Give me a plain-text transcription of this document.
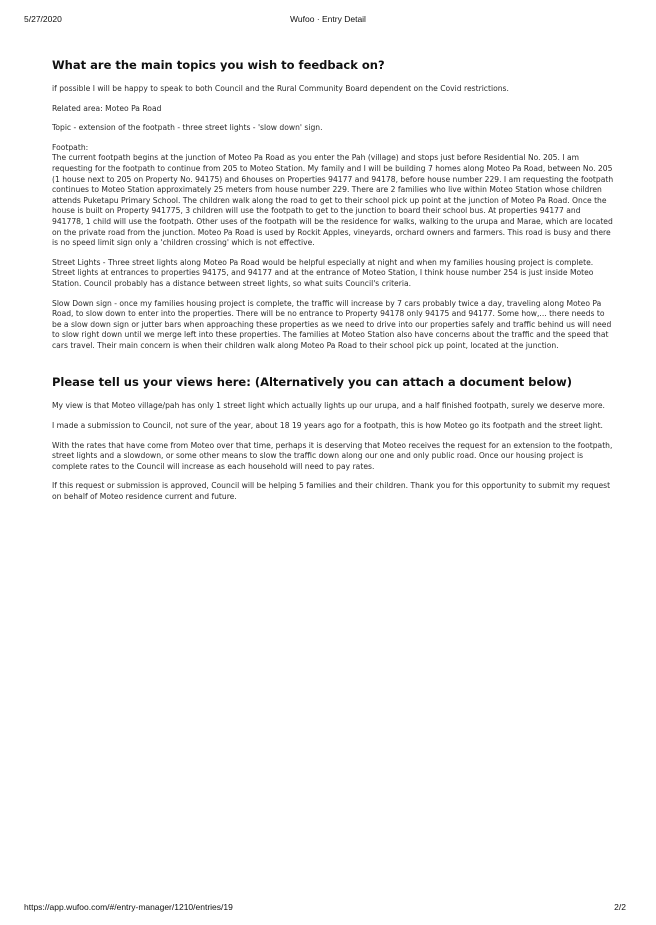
5/27/2020	Wufoo · Entry Detail
What are the main topics you wish to feedback on?

if possible I will be happy to speak to both Council and the Rural Community Board dependent on the Covid restrictions.

Related area: Moteo Pa Road

Topic - extension of the footpath - three street lights - 'slow down' sign.

Footpath:
The current footpath begins at the junction of Moteo Pa Road as you enter the Pah (village) and stops just before Residential No. 205. I am requesting for the footpath to continue from 205 to Moteo Station. My family and I will be building 7 homes along Moteo Pa Road, between No. 205 (1 house next to 205 on Property No. 94175) and 6houses on Properties 94177 and 94178, before house number 229. I am requesting the footpath continues to Moteo Station approximately 25 meters from house number 229. There are 2 families who live within Moteo Station whose children attends Puketapu Primary School. The children walk along the road to get to their school pick up point at the junction of Moteo Pa Road. Once the house is built on Property 941775, 3 children will use the footpath to get to the junction to board their school bus. At properties 94177 and 941778, 1 child will use the footpath. Other uses of the footpath will be the residence for walks, walking to the urupa and Marae, which are located on the private road from the junction. Moteo Pa Road is used by Rockit Apples, vineyards, orchard owners and farmers. This road is busy and there is no speed limit sign only a 'children crossing' which is not effective.

Street Lights - Three street lights along Moteo Pa Road would be helpful especially at night and when my families housing project is complete. Street lights at entrances to properties 94175, and 94177 and at the entrance of Moteo Station, I think house number 254 is just inside Moteo Station. Council probably has a distance between street lights, so what suits Council's criteria.

Slow Down sign - once my families housing project is complete, the traffic will increase by 7 cars probably twice a day, traveling along Moteo Pa Road, to slow down to enter into the properties. There will be no entrance to Property 94178 only 94175 and 94177. Some how,... there needs to be a slow down sign or jutter bars when approaching these properties as we need to drive into our properties safely and traffic behind us will need to slow right down until we merge left into these properties. The families at Moteo Station also have concerns about the traffic and the speed that cars travel. Their main concern is when their children walk along Moteo Pa Road to their school pick up point, located at the junction.

Please tell us your views here: (Alternatively you can attach a document below)

My view is that Moteo village/pah has only 1 street light which actually lights up our urupa, and a half finished footpath, surely we deserve more.

I made a submission to Council, not sure of the year, about 18 19 years ago for a footpath, this is how Moteo go its footpath and the street light.

With the rates that have come from Moteo over that time, perhaps it is deserving that Moteo receives the request for an extension to the footpath, street lights and a slowdown, or some other means to slow the traffic down along our one and only public road. Once our housing project is complete rates to the Council will increase as each household will need to pay rates.

If this request or submission is approved, Council will be helping 5 families and their children. Thank you for this opportunity to submit my request on behalf of Moteo residence current and future.

https://app.wufoo.com/#/entry-manager/1210/entries/19	2/2
